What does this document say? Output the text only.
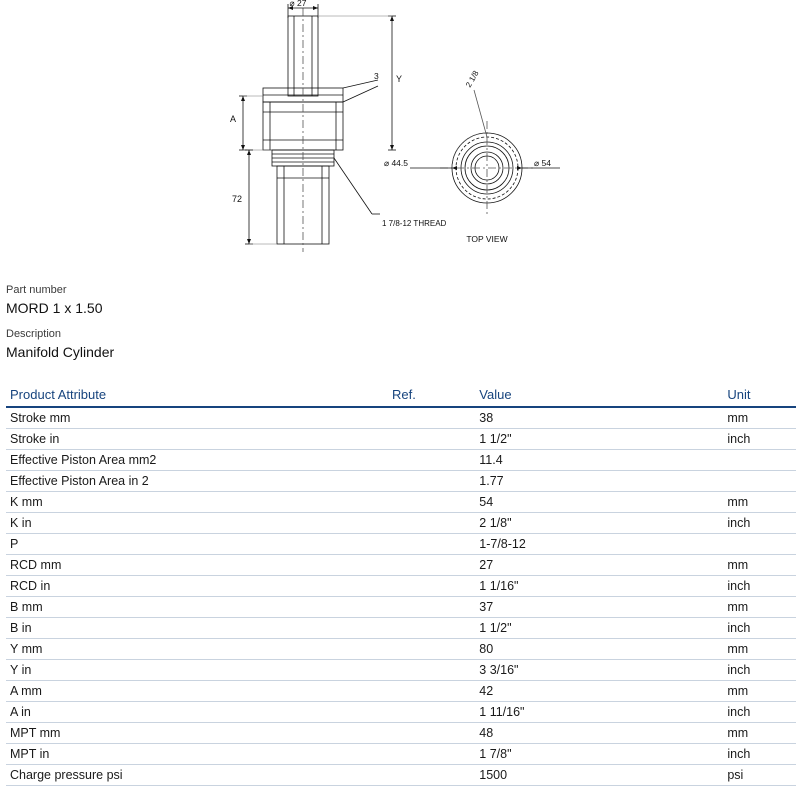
⌀ 27
3 Y
A
72
1 7/8-12 THREAD
⌀ 44.5	⌀ 54
2 1/8
TOP VIEW
Part number
MORD 1 x 1.50
Description
Manifold Cylinder
Product Attribute	Ref.	Value	Unit
Stroke mm		38	mm
Stroke in		1 1/2"	inch
Effective Piston Area mm2		11.4	
Effective Piston Area in 2		1.77	
K mm		54	mm
K in		2 1/8"	inch
P		1-7/8-12	
RCD mm		27	mm
RCD in		1 1/16"	inch
B mm		37	mm
B in		1 1/2"	inch
Y mm		80	mm
Y in		3 3/16"	inch
A mm		42	mm
A in		1 11/16"	inch
MPT mm		48	mm
MPT in		1 7/8"	inch
Charge pressure psi		1500	psi
